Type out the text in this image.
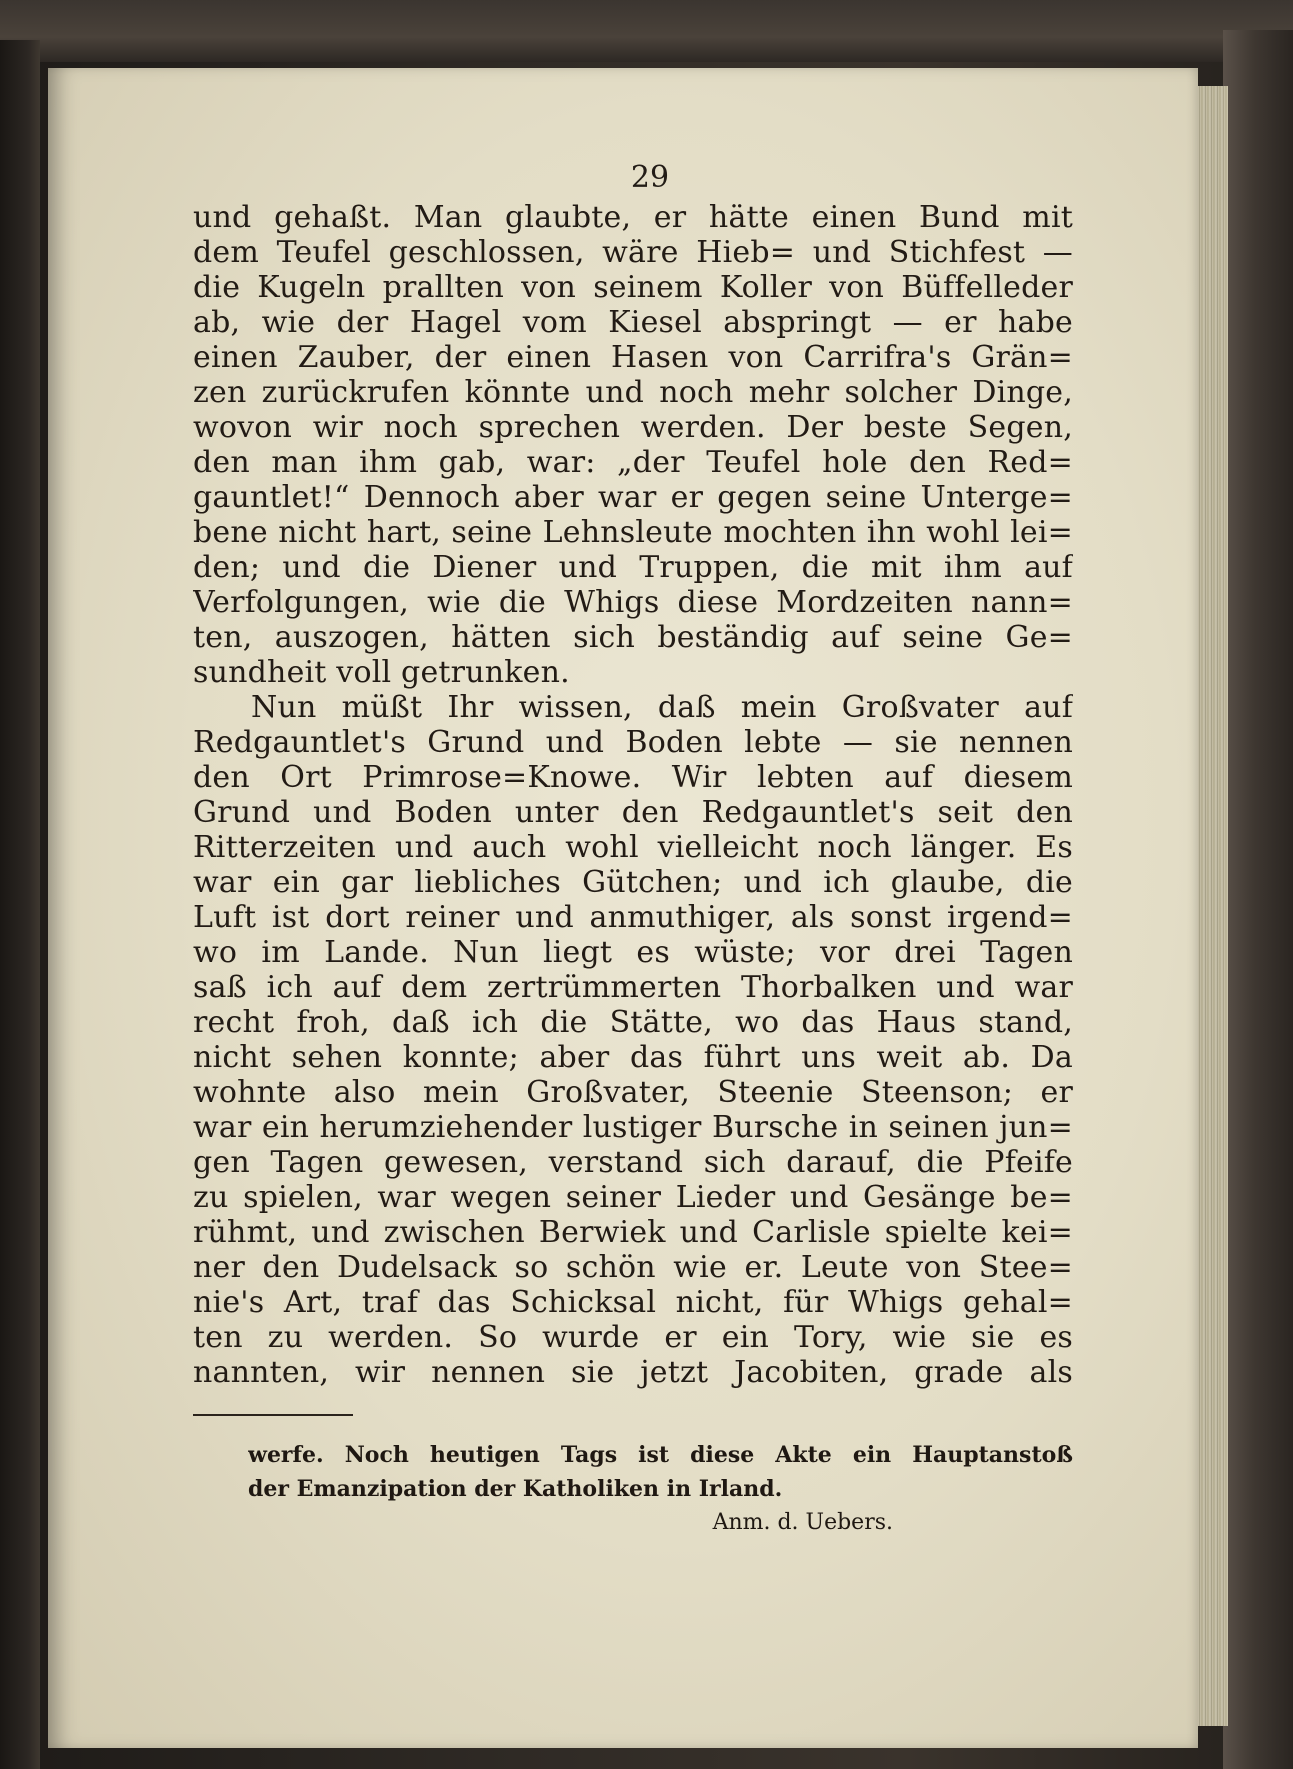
29
und gehaßt. Man glaubte, er hätte einen Bund mit
dem Teufel geschlossen, wäre Hieb= und Stichfest —
die Kugeln prallten von seinem Koller von Büffelleder
ab, wie der Hagel vom Kiesel abspringt — er habe
einen Zauber, der einen Hasen von Carrifra's Grän=
zen zurückrufen könnte und noch mehr solcher Dinge,
wovon wir noch sprechen werden. Der beste Segen,
den man ihm gab, war: „der Teufel hole den Red=
gauntlet!“ Dennoch aber war er gegen seine Unterge=
bene nicht hart, seine Lehnsleute mochten ihn wohl lei=
den; und die Diener und Truppen, die mit ihm auf
Verfolgungen, wie die Whigs diese Mordzeiten nann=
ten, auszogen, hätten sich beständig auf seine Ge=
sundheit voll getrunken.
Nun müßt Ihr wissen, daß mein Großvater auf
Redgauntlet's Grund und Boden lebte — sie nennen
den Ort Primrose=Knowe. Wir lebten auf diesem
Grund und Boden unter den Redgauntlet's seit den
Ritterzeiten und auch wohl vielleicht noch länger. Es
war ein gar liebliches Gütchen; und ich glaube, die
Luft ist dort reiner und anmuthiger, als sonst irgend=
wo im Lande. Nun liegt es wüste; vor drei Tagen
saß ich auf dem zertrümmerten Thorbalken und war
recht froh, daß ich die Stätte, wo das Haus stand,
nicht sehen konnte; aber das führt uns weit ab. Da
wohnte also mein Großvater, Steenie Steenson; er
war ein herumziehender lustiger Bursche in seinen jun=
gen Tagen gewesen, verstand sich darauf, die Pfeife
zu spielen, war wegen seiner Lieder und Gesänge be=
rühmt, und zwischen Berwiek und Carlisle spielte kei=
ner den Dudelsack so schön wie er. Leute von Stee=
nie's Art, traf das Schicksal nicht, für Whigs gehal=
ten zu werden. So wurde er ein Tory, wie sie es
nannten, wir nennen sie jetzt Jacobiten, grade als
werfe. Noch heutigen Tags ist diese Akte ein Hauptanstoß
der Emanzipation der Katholiken in Irland.
Anm. d. Uebers.
